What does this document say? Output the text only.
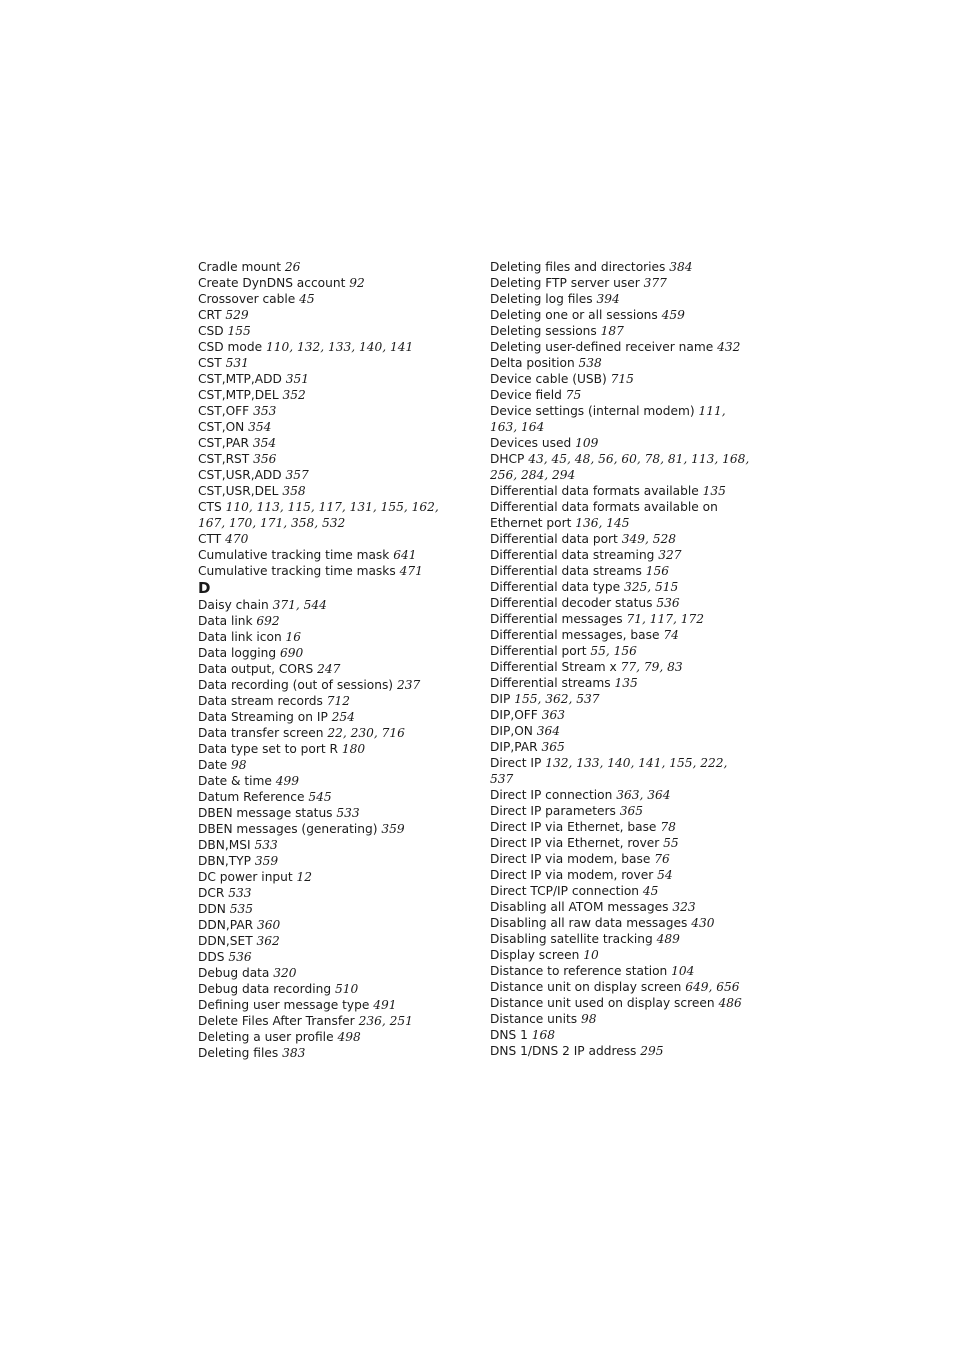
Cradle mount 26
Create DynDNS account 92
Crossover cable 45
CRT 529
CSD 155
CSD mode 110, 132, 133, 140, 141
CST 531
CST,MTP,ADD 351
CST,MTP,DEL 352
CST,OFF 353
CST,ON 354
CST,PAR 354
CST,RST 356
CST,USR,ADD 357
CST,USR,DEL 358
CTS 110, 113, 115, 117, 131, 155, 162, 167, 170, 171, 358, 532
CTT 470
Cumulative tracking time mask 641
Cumulative tracking time masks 471
D
Daisy chain 371, 544
Data link 692
Data link icon 16
Data logging 690
Data output, CORS 247
Data recording (out of sessions) 237
Data stream records 712
Data Streaming on IP 254
Data transfer screen 22, 230, 716
Data type set to port R 180
Date 98
Date & time 499
Datum Reference 545
DBEN message status 533
DBEN messages (generating) 359
DBN,MSI 533
DBN,TYP 359
DC power input 12
DCR 533
DDN 535
DDN,PAR 360
DDN,SET 362
DDS 536
Debug data 320
Debug data recording 510
Defining user message type 491
Delete Files After Transfer 236, 251
Deleting a user profile 498
Deleting files 383
Deleting files and directories 384
Deleting FTP server user 377
Deleting log files 394
Deleting one or all sessions 459
Deleting sessions 187
Deleting user-defined receiver name 432
Delta position 538
Device cable (USB) 715
Device field 75
Device settings (internal modem) 111, 163, 164
Devices used 109
DHCP 43, 45, 48, 56, 60, 78, 81, 113, 168, 256, 284, 294
Differential data formats available 135
Differential data formats available on Ethernet port 136, 145
Differential data port 349, 528
Differential data streaming 327
Differential data streams 156
Differential data type 325, 515
Differential decoder status 536
Differential messages 71, 117, 172
Differential messages, base 74
Differential port 55, 156
Differential Stream x 77, 79, 83
Differential streams 135
DIP 155, 362, 537
DIP,OFF 363
DIP,ON 364
DIP,PAR 365
Direct IP 132, 133, 140, 141, 155, 222, 537
Direct IP connection 363, 364
Direct IP parameters 365
Direct IP via Ethernet, base 78
Direct IP via Ethernet, rover 55
Direct IP via modem, base 76
Direct IP via modem, rover 54
Direct TCP/IP connection 45
Disabling all ATOM messages 323
Disabling all raw data messages 430
Disabling satellite tracking 489
Display screen 10
Distance to reference station 104
Distance unit on display screen 649, 656
Distance unit used on display screen 486
Distance units 98
DNS 1 168
DNS 1/DNS 2 IP address 295
